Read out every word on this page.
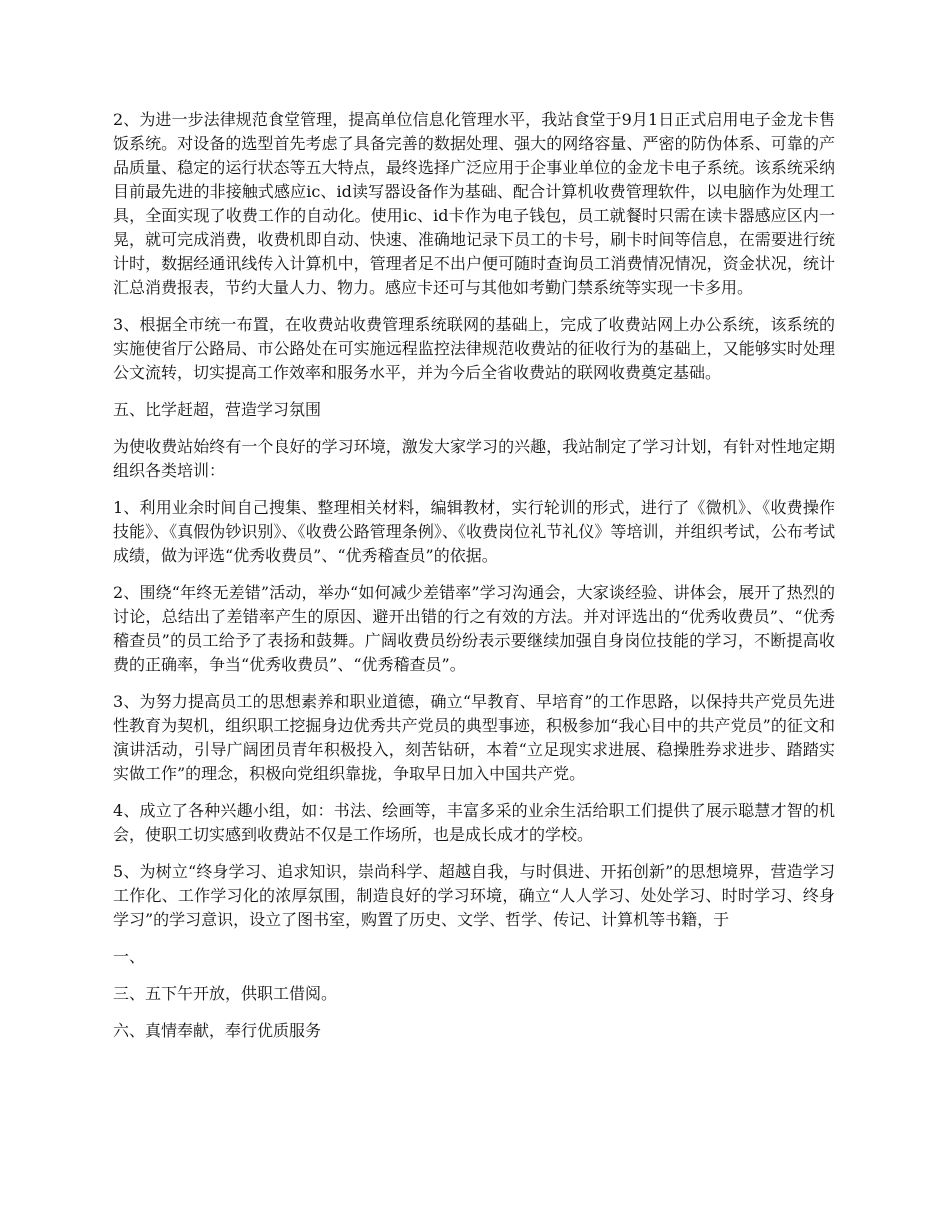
2、为进一步法律规范食堂管理，提高单位信息化管理水平，我站食堂于9月1日正式启用电子金龙卡售饭系统。对设备的选型首先考虑了具备完善的数据处理、强大的网络容量、严密的防伪体系、可靠的产品质量、稳定的运行状态等五大特点，最终选择广泛应用于企事业单位的金龙卡电子系统。该系统采纳目前最先进的非接触式感应ic、id读写器设备作为基础、配合计算机收费管理软件，以电脑作为处理工具，全面实现了收费工作的自动化。使用ic、id卡作为电子钱包，员工就餐时只需在读卡器感应区内一晃，就可完成消费，收费机即自动、快速、准确地记录下员工的卡号，刷卡时间等信息，在需要进行统计时，数据经通讯线传入计算机中，管理者足不出户便可随时查询员工消费情况情况，资金状况，统计汇总消费报表，节约大量人力、物力。感应卡还可与其他如考勤门禁系统等实现一卡多用。

3、根据全市统一布置，在收费站收费管理系统联网的基础上，完成了收费站网上办公系统，该系统的实施使省厅公路局、市公路处在可实施远程监控法律规范收费站的征收行为的基础上，又能够实时处理公文流转，切实提高工作效率和服务水平，并为今后全省收费站的联网收费奠定基础。

五、比学赶超，营造学习氛围

为使收费站始终有一个良好的学习环境，激发大家学习的兴趣，我站制定了学习计划，有针对性地定期组织各类培训：

1、利用业余时间自己搜集、整理相关材料，编辑教材，实行轮训的形式，进行了《微机》、《收费操作技能》、《真假伪钞识别》、《收费公路管理条例》、《收费岗位礼节礼仪》等培训，并组织考试，公布考试成绩，做为评选“优秀收费员”、“优秀稽查员”的依据。

2、围绕“年终无差错”活动，举办“如何减少差错率”学习沟通会，大家谈经验、讲体会，展开了热烈的讨论，总结出了差错率产生的原因、避开出错的行之有效的方法。并对评选出的“优秀收费员”、“优秀稽查员”的员工给予了表扬和鼓舞。广阔收费员纷纷表示要继续加强自身岗位技能的学习，不断提高收费的正确率，争当“优秀收费员”、“优秀稽查员”。

3、为努力提高员工的思想素养和职业道德，确立“早教育、早培育”的工作思路，以保持共产党员先进性教育为契机，组织职工挖掘身边优秀共产党员的典型事迹，积极参加“我心目中的共产党员”的征文和演讲活动，引导广阔团员青年积极投入，刻苦钻研，本着“立足现实求进展、稳操胜券求进步、踏踏实实做工作”的理念，积极向党组织靠拢，争取早日加入中国共产党。

4、成立了各种兴趣小组，如：书法、绘画等，丰富多采的业余生活给职工们提供了展示聪慧才智的机会，使职工切实感到收费站不仅是工作场所，也是成长成才的学校。

5、为树立“终身学习、追求知识，崇尚科学、超越自我，与时俱进、开拓创新”的思想境界，营造学习工作化、工作学习化的浓厚氛围，制造良好的学习环境，确立“人人学习、处处学习、时时学习、终身学习”的学习意识，设立了图书室，购置了历史、文学、哲学、传记、计算机等书籍，于

一、

三、五下午开放，供职工借阅。

六、真情奉献，奉行优质服务
